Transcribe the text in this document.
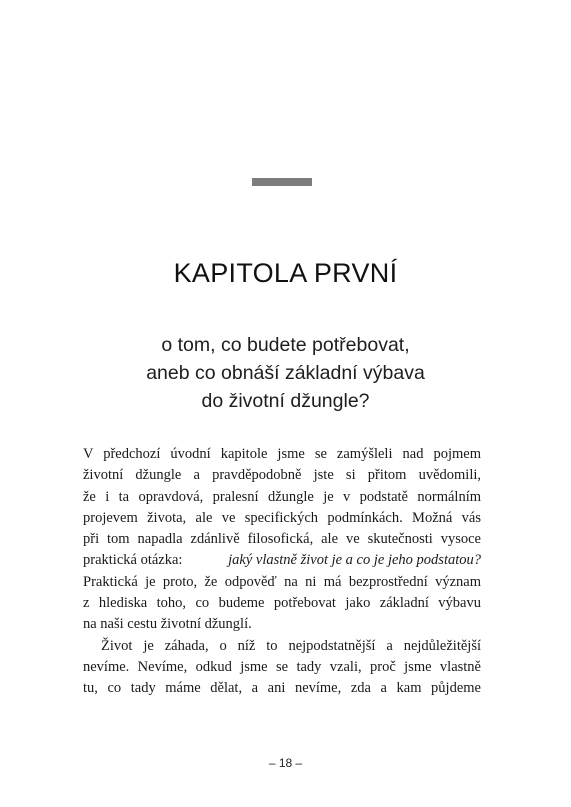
KAPITOLA PRVNÍ
o tom, co budete potřebovat,
aneb co obnáší základní výbava
do životní džungle?
V předchozí úvodní kapitole jsme se zamýšleli nad pojmem
životní džungle a pravděpodobně jste si přitom uvědomili,
že i ta opravdová, pralesní džungle je v podstatě normálním
projevem života, ale ve specifických podmínkách. Možná vás
při tom napadla zdánlivě filosofická, ale ve skutečnosti vysoce
praktická otázka:	jaký vlastně život je a co je jeho podstatou?
Praktická je proto, že odpověď na ni má bezprostřední význam
z hlediska toho, co budeme potřebovat jako základní výbavu
na naši cestu životní džunglí.
Život je záhada, o níž to nejpodstatnější a nejdůležitější
nevíme. Nevíme, odkud jsme se tady vzali, proč jsme vlastně
tu, co tady máme dělat, a ani nevíme, zda a kam půjdeme
– 18 –
